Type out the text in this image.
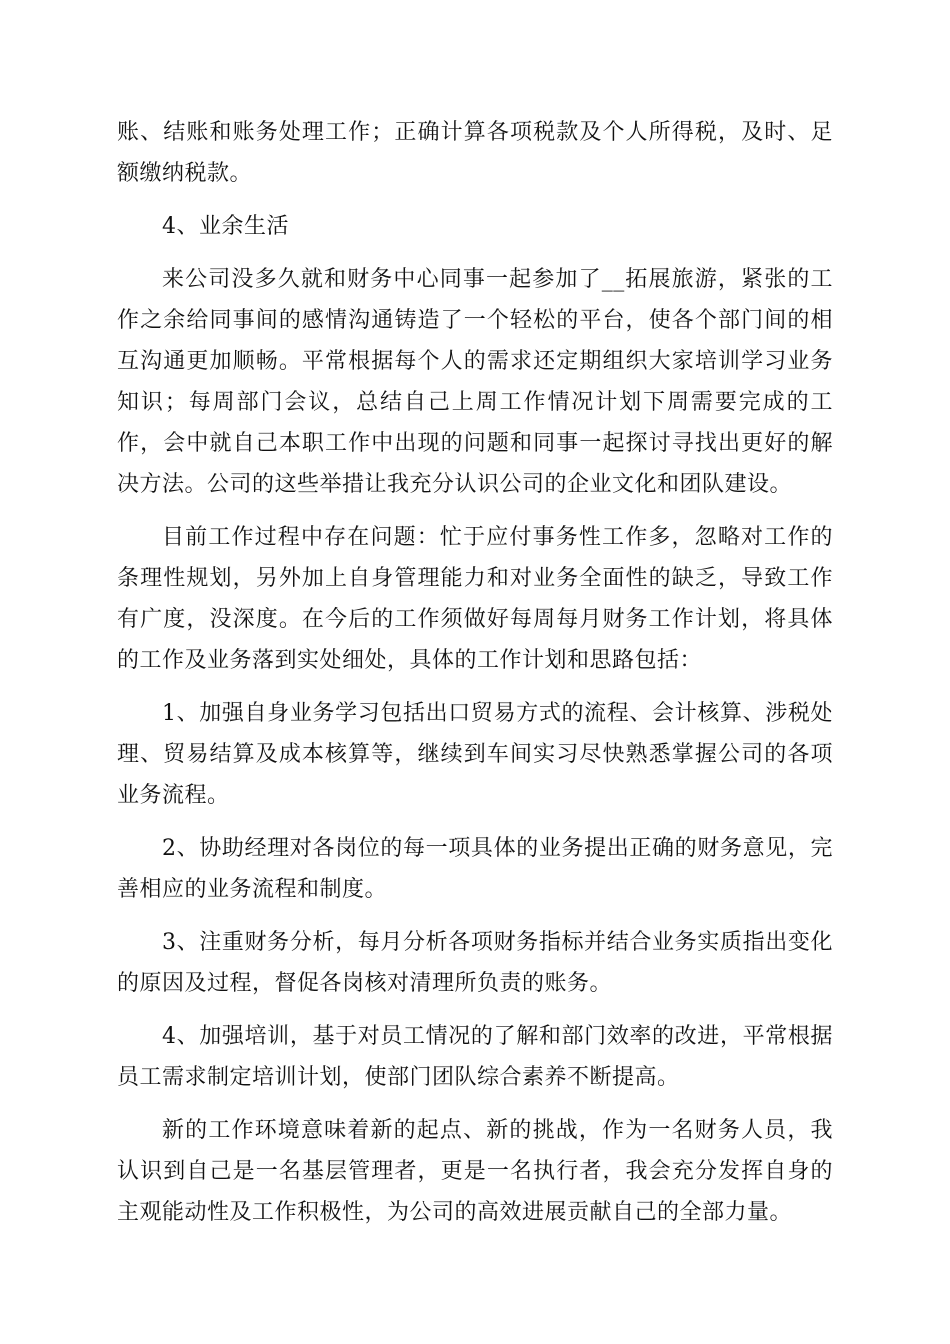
账、结账和账务处理工作；正确计算各项税款及个人所得税，及时、足额缴纳税款。

4、业余生活

来公司没多久就和财务中心同事一起参加了__拓展旅游，紧张的工作之余给同事间的感情沟通铸造了一个轻松的平台，使各个部门间的相互沟通更加顺畅。平常根据每个人的需求还定期组织大家培训学习业务知识；每周部门会议，总结自己上周工作情况计划下周需要完成的工作，会中就自己本职工作中出现的问题和同事一起探讨寻找出更好的解决方法。公司的这些举措让我充分认识公司的企业文化和团队建设。

目前工作过程中存在问题：忙于应付事务性工作多，忽略对工作的条理性规划，另外加上自身管理能力和对业务全面性的缺乏，导致工作有广度，没深度。在今后的工作须做好每周每月财务工作计划，将具体的工作及业务落到实处细处，具体的工作计划和思路包括：

1、加强自身业务学习包括出口贸易方式的流程、会计核算、涉税处理、贸易结算及成本核算等，继续到车间实习尽快熟悉掌握公司的各项业务流程。

2、协助经理对各岗位的每一项具体的业务提出正确的财务意见，完善相应的业务流程和制度。

3、注重财务分析，每月分析各项财务指标并结合业务实质指出变化的原因及过程，督促各岗核对清理所负责的账务。

4、加强培训，基于对员工情况的了解和部门效率的改进，平常根据员工需求制定培训计划，使部门团队综合素养不断提高。

新的工作环境意味着新的起点、新的挑战，作为一名财务人员，我认识到自己是一名基层管理者，更是一名执行者，我会充分发挥自身的主观能动性及工作积极性，为公司的高效进展贡献自己的全部力量。
